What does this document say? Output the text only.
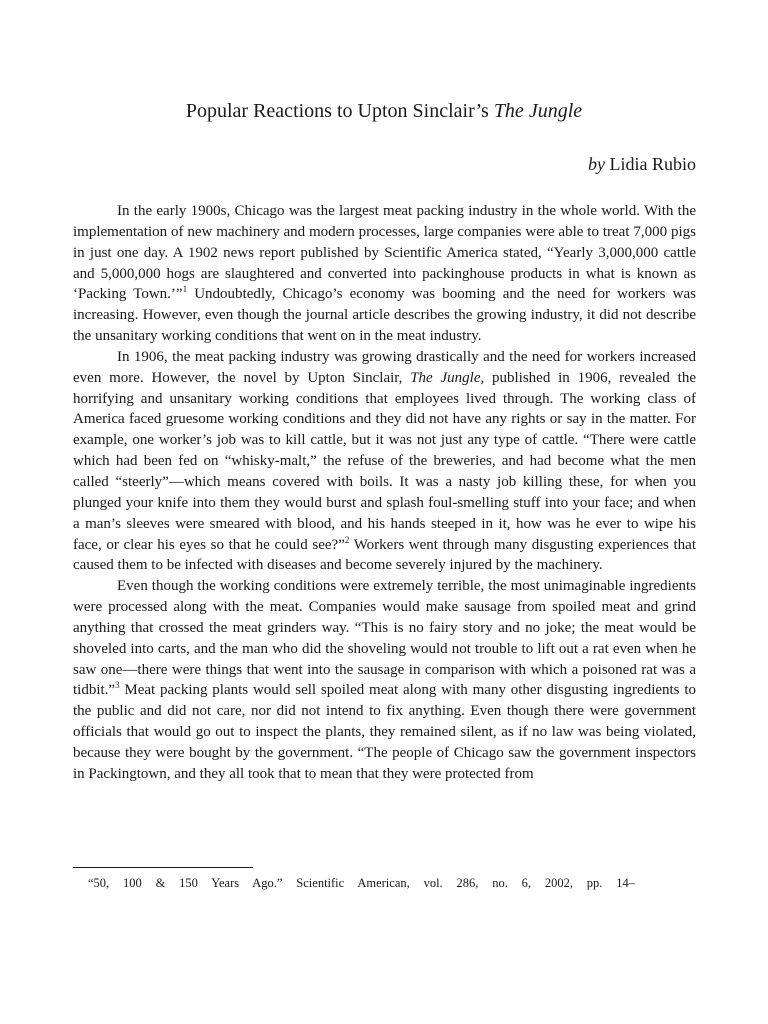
Popular Reactions to Upton Sinclair’s The Jungle

by Lidia Rubio

In the early 1900s, Chicago was the largest meat packing industry in the whole world. With the implementation of new machinery and modern processes, large companies were able to treat 7,000 pigs in just one day. A 1902 news report published by Scientific America stated, “Yearly 3,000,000 cattle and 5,000,000 hogs are slaughtered and converted into packinghouse products in what is known as ‘Packing Town.’”$^1$ Undoubtedly, Chicago’s economy was booming and the need for workers was increasing. However, even though the journal article describes the growing industry, it did not describe the unsanitary working conditions that went on in the meat industry.

In 1906, the meat packing industry was growing drastically and the need for workers increased even more. However, the novel by Upton Sinclair, The Jungle, published in 1906, revealed the horrifying and unsanitary working conditions that employees lived through. The working class of America faced gruesome working conditions and they did not have any rights or say in the matter. For example, one worker’s job was to kill cattle, but it was not just any type of cattle. “There were cattle which had been fed on “whisky-malt,” the refuse of the breweries, and had become what the men called “steerly”—which means covered with boils. It was a nasty job killing these, for when you plunged your knife into them they would burst and splash foul-smelling stuff into your face; and when a man’s sleeves were smeared with blood, and his hands steeped in it, how was he ever to wipe his face, or clear his eyes so that he could see?”$^2$ Workers went through many disgusting experiences that caused them to be infected with diseases and become severely injured by the machinery.

Even though the working conditions were extremely terrible, the most unimaginable ingredients were processed along with the meat. Companies would make sausage from spoiled meat and grind anything that crossed the meat grinders way. “This is no fairy story and no joke; the meat would be shoveled into carts, and the man who did the shoveling would not trouble to lift out a rat even when he saw one—there were things that went into the sausage in comparison with which a poisoned rat was a tidbit.”$^3$ Meat packing plants would sell spoiled meat along with many other disgusting ingredients to the public and did not care, nor did not intend to fix anything. Even though there were government officials that would go out to inspect the plants, they remained silent, as if no law was being violated, because they were bought by the government. “The people of Chicago saw the government inspectors in Packingtown, and they all took that to mean that they were protected from

“50, 100 & 150 Years Ago.” Scientific American, vol. 286, no. 6, 2002, pp. 14–
